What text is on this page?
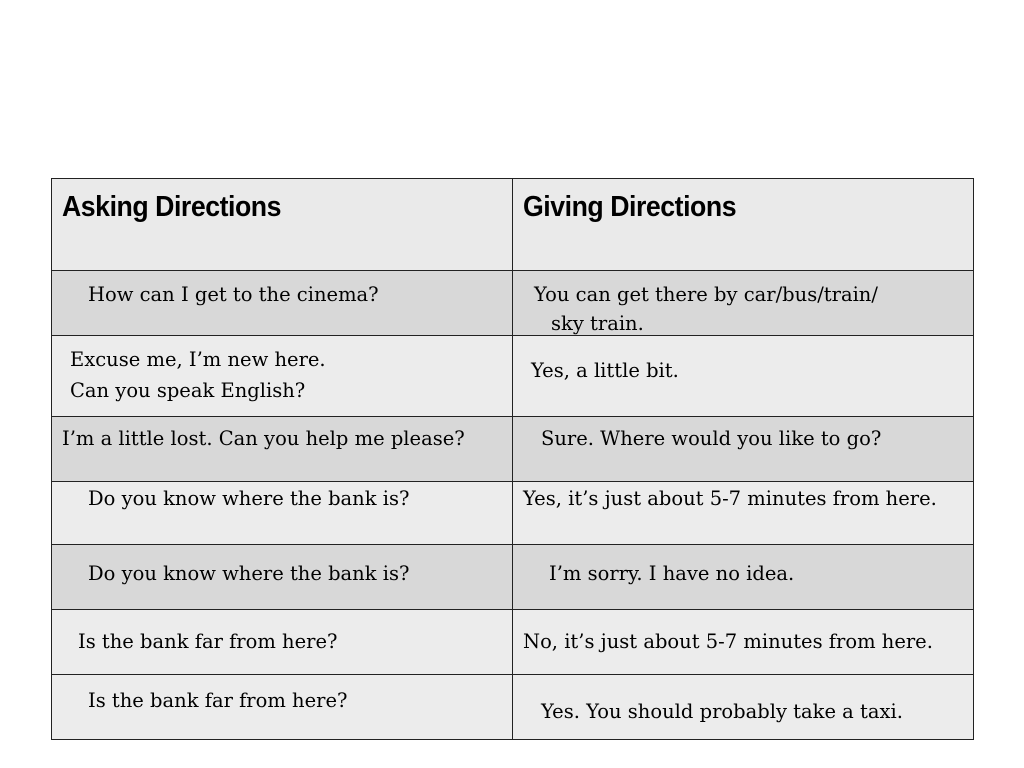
Asking Directions	Giving Directions

How can I get to the cinema?	You can get there by car/bus/train/
sky train.

Excuse me, I’m new here.
Can you speak English?	Yes, a little bit.

I’m a little lost. Can you help me please?	Sure. Where would you like to go?

Do you know where the bank is?	Yes, it’s just about 5-7 minutes from here.

Do you know where the bank is?	I’m sorry. I have no idea.

Is the bank far from here?	No, it’s just about 5-7 minutes from here.

Is the bank far from here?	Yes. You should probably take a taxi.
